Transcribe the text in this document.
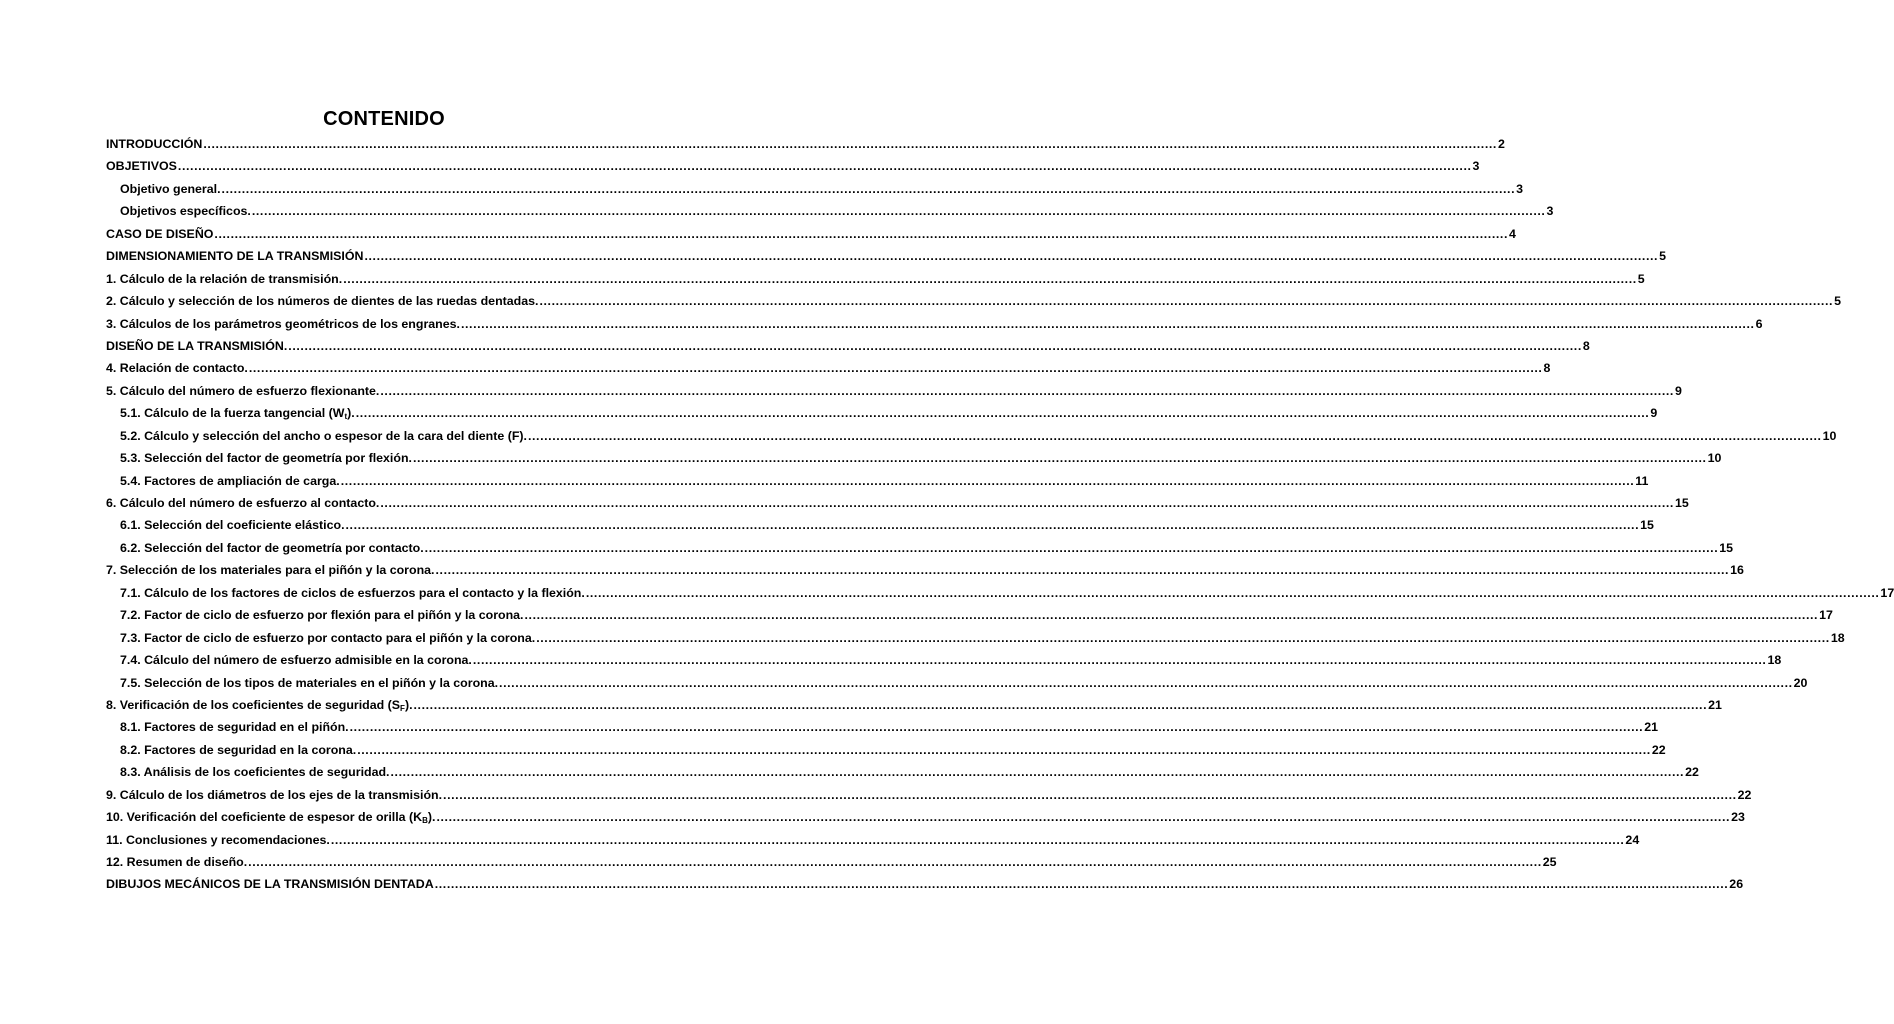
CONTENIDO
INTRODUCCIÓN .....	2
OBJETIVOS .....	3
Objetivo general. .....	3
Objetivos específicos. .....	3
CASO DE DISEÑO .....	4
DIMENSIONAMIENTO DE LA TRANSMISIÓN .....	5
1. Cálculo de la relación de transmisión. .....	5
2. Cálculo y selección de los números de dientes de las ruedas dentadas. .....	5
3. Cálculos de los parámetros geométricos de los engranes. .....	6
DISEÑO DE LA TRANSMISIÓN. .....	8
4. Relación de contacto. .....	8
5. Cálculo del número de esfuerzo flexionante. .....	9
5.1. Cálculo de la fuerza tangencial $(W_t)$. .....	9
5.2. Cálculo y selección del ancho o espesor de la cara del diente (F). .....	10
5.3. Selección del factor de geometría por flexión. .....	10
5.4. Factores de ampliación de carga. .....	11
6. Cálculo del número de esfuerzo al contacto. .....	15
6.1. Selección del coeficiente elástico. .....	15
6.2. Selección del factor de geometría por contacto. .....	15
7. Selección de los materiales para el piñón y la corona. .....	16
7.1. Cálculo de los factores de ciclos de esfuerzos para el contacto y la flexión. .....	17
7.2. Factor de ciclo de esfuerzo por flexión para el piñón y la corona. .....	17
7.3. Factor de ciclo de esfuerzo por contacto para el piñón y la corona. .....	18
7.4. Cálculo del número de esfuerzo admisible en la corona. .....	18
7.5. Selección de los tipos de materiales en el piñón y la corona. .....	20
8. Verificación de los coeficientes de seguridad $(S_F)$. .....	21
8.1. Factores de seguridad en el piñón. .....	21
8.2. Factores de seguridad en la corona. .....	22
8.3. Análisis de los coeficientes de seguridad. .....	22
9. Cálculo de los diámetros de los ejes de la transmisión. .....	22
10. Verificación del coeficiente de espesor de orilla $(K_B)$. .....	23
11. Conclusiones y recomendaciones. .....	24
12. Resumen de diseño. .....	25
DIBUJOS MECÁNICOS DE LA TRANSMISIÓN DENTADA .....	26
